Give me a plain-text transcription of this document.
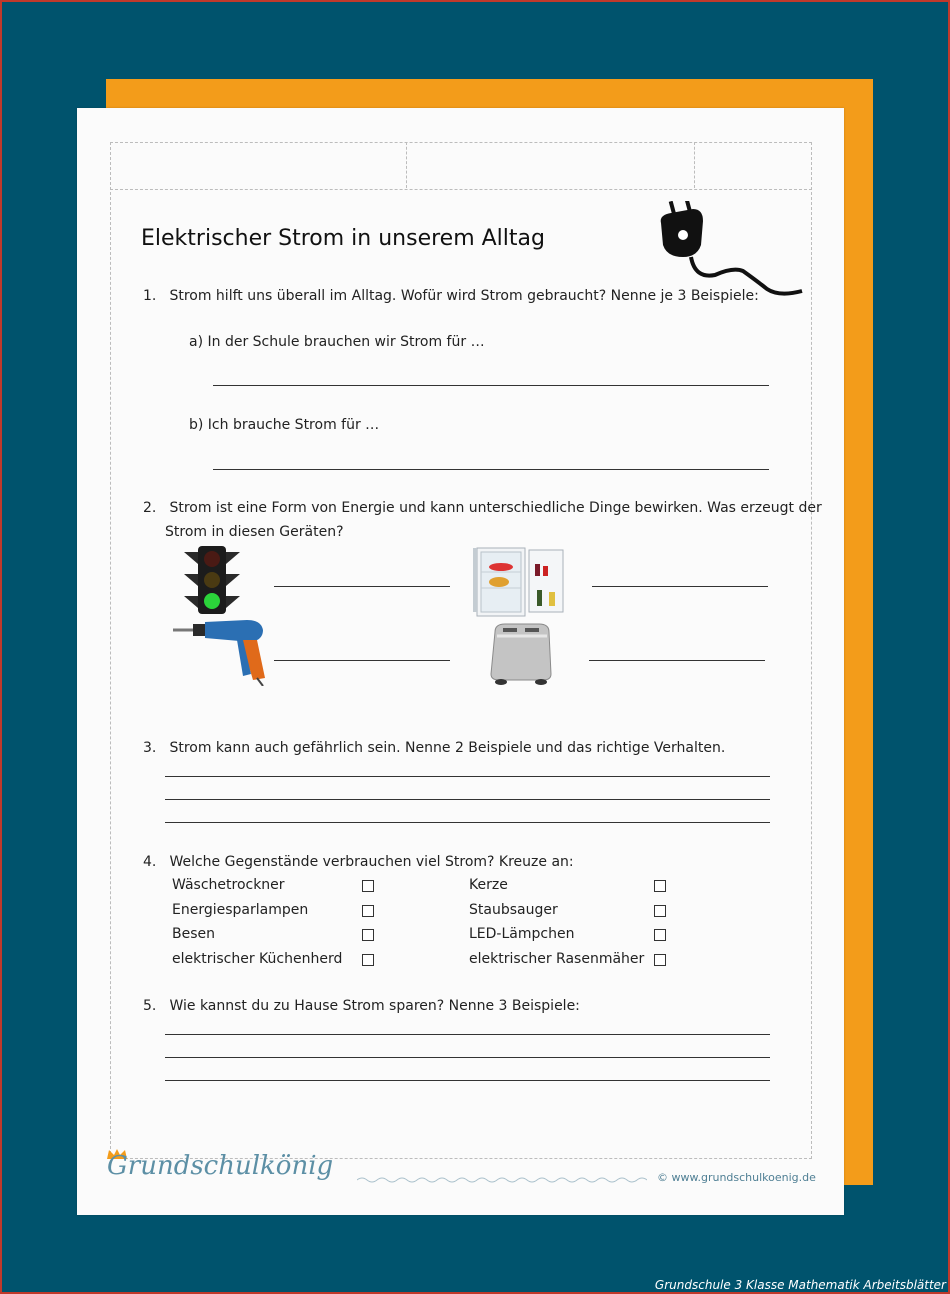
Elektrischer Strom in unserem Alltag
1. Strom hilft uns überall im Alltag. Wofür wird Strom gebraucht? Nenne je 3 Beispiele:
a) In der Schule brauchen wir Strom für …
b) Ich brauche Strom für …
2. Strom ist eine Form von Energie und kann unterschiedliche Dinge bewirken. Was erzeugt der
Strom in diesen Geräten?
3. Strom kann auch gefährlich sein. Nenne 2 Beispiele und das richtige Verhalten.
4. Welche Gegenstände verbrauchen viel Strom? Kreuze an:
Wäschetrockner
Energiesparlampen
Besen
elektrischer Küchenherd
Kerze
Staubsauger
LED-Lämpchen
elektrischer Rasenmäher
5. Wie kannst du zu Hause Strom sparen? Nenne 3 Beispiele:
Grundschulkönig	© www.grundschulkoenig.de
Grundschule 3 Klasse Mathematik Arbeitsblätter
